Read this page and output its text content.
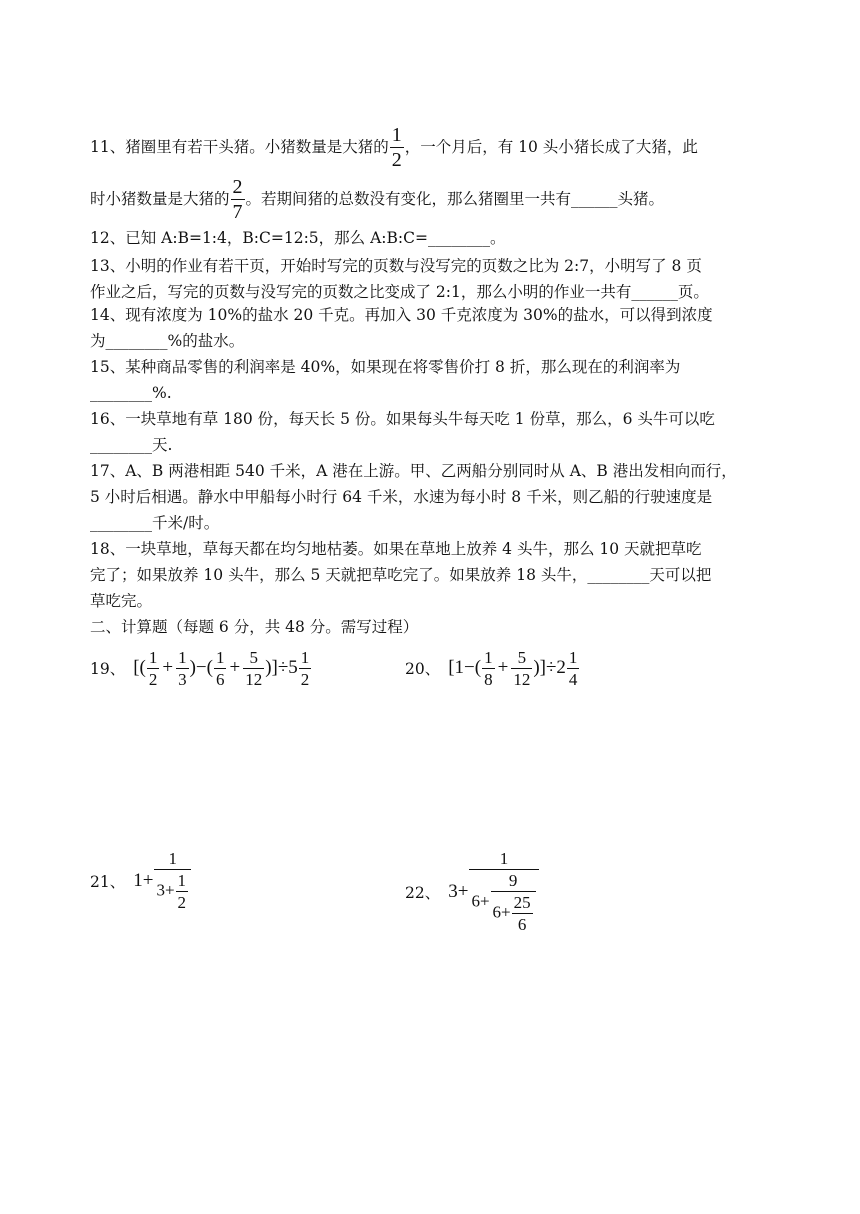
11、猪圈里有若干头猪。小猪数量是大猪的 $\frac{1}{2}$ ，一个月后，有 10 头小猪长成了大猪，此
时小猪数量是大猪的 $\frac{2}{7}$ 。若期间猪的总数没有变化，那么猪圈里一共有______头猪。
12、已知 A:B=1:4，B:C=12:5，那么 A:B:C=________。
13、小明的作业有若干页，开始时写完的页数与没写完的页数之比为 2:7，小明写了 8 页
作业之后，写完的页数与没写完的页数之比变成了 2:1，那么小明的作业一共有______页。
14、现有浓度为 10%的盐水 20 千克。再加入 30 千克浓度为 30%的盐水，可以得到浓度
为________%的盐水。
15、某种商品零售的利润率是 40%，如果现在将零售价打 8 折，那么现在的利润率为
________%.
16、一块草地有草 180 份，每天长 5 份。如果每头牛每天吃 1 份草，那么，6 头牛可以吃
________天.
17、A、B 两港相距 540 千米，A 港在上游。甲、乙两船分别同时从 A、B 港出发相向而行，
5 小时后相遇。静水中甲船每小时行 64 千米，水速为每小时 8 千米，则乙船的行驶速度是
________千米/时。
18、一块草地，草每天都在均匀地枯萎。如果在草地上放养 4 头牛，那么 10 天就把草吃
完了；如果放养 10 头牛，那么 5 天就把草吃完了。如果放养 18 头牛，________天可以把
草吃完。
二、计算题（每题 6 分，共 48 分。需写过程）
19、 [( $\frac{1}{2} + \frac{1}{3}$ )−( $\frac{1}{6} + \frac{5}{12} )]\div 5 \frac{1}{2}$	20、 $[1-( \frac{1}{8} + \frac{5}{12} )]\div 2 \frac{1}{4}$
21、 $1+ \frac{1}{3+ \frac{1}{2}}$	22、 $3+ \frac{1}{6+ \frac{9}{6+ \frac{25}{6}}}$
